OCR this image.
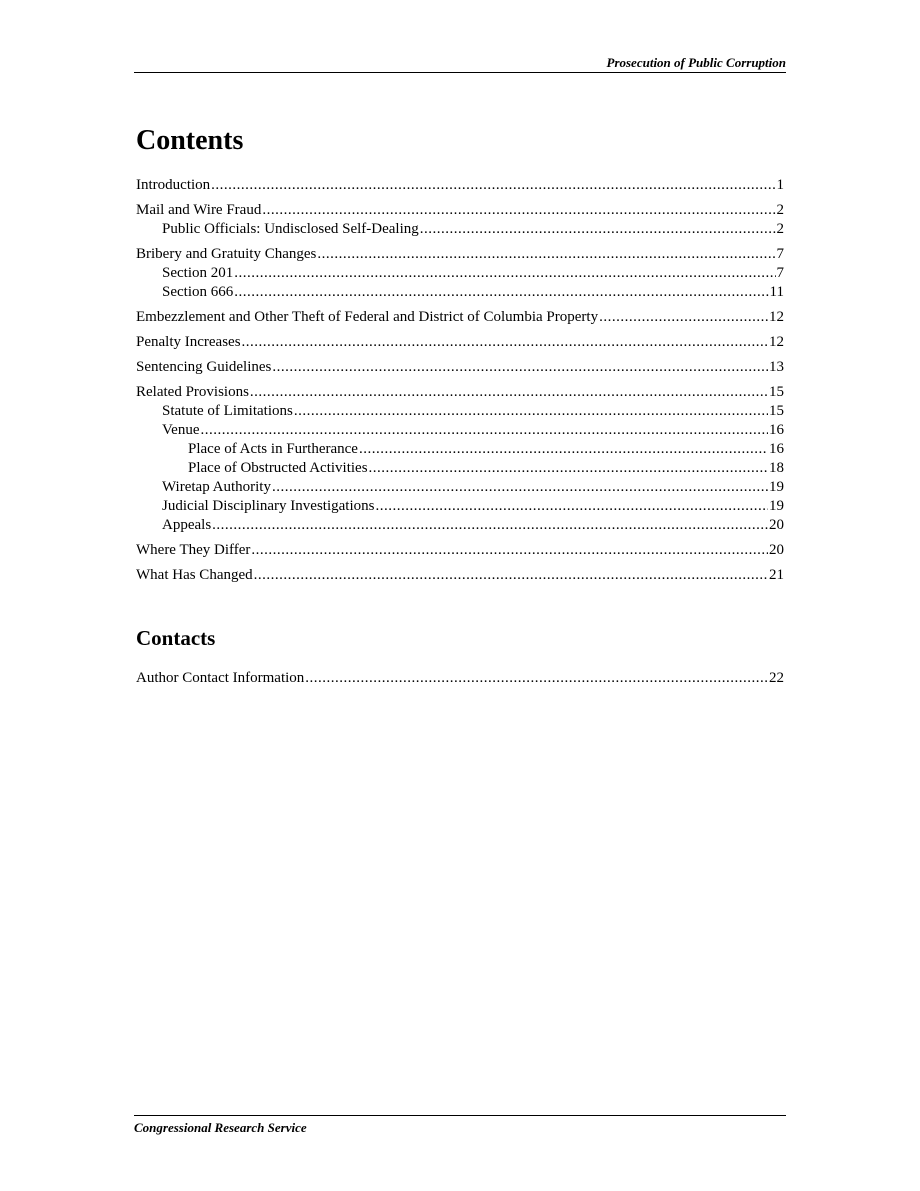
Prosecution of Public Corruption
Contents
Introduction .....	1
Mail and Wire Fraud .....	2
Public Officials: Undisclosed Self-Dealing .....	2
Bribery and Gratuity Changes .....	7
Section 201 .....	7
Section 666 .....	11
Embezzlement and Other Theft of Federal and District of Columbia Property .....	12
Penalty Increases .....	12
Sentencing Guidelines .....	13
Related Provisions .....	15
Statute of Limitations .....	15
Venue .....	16
Place of Acts in Furtherance .....	16
Place of Obstructed Activities .....	18
Wiretap Authority .....	19
Judicial Disciplinary Investigations .....	19
Appeals .....	20
Where They Differ .....	20
What Has Changed .....	21
Contacts
Author Contact Information .....	22
Congressional Research Service
